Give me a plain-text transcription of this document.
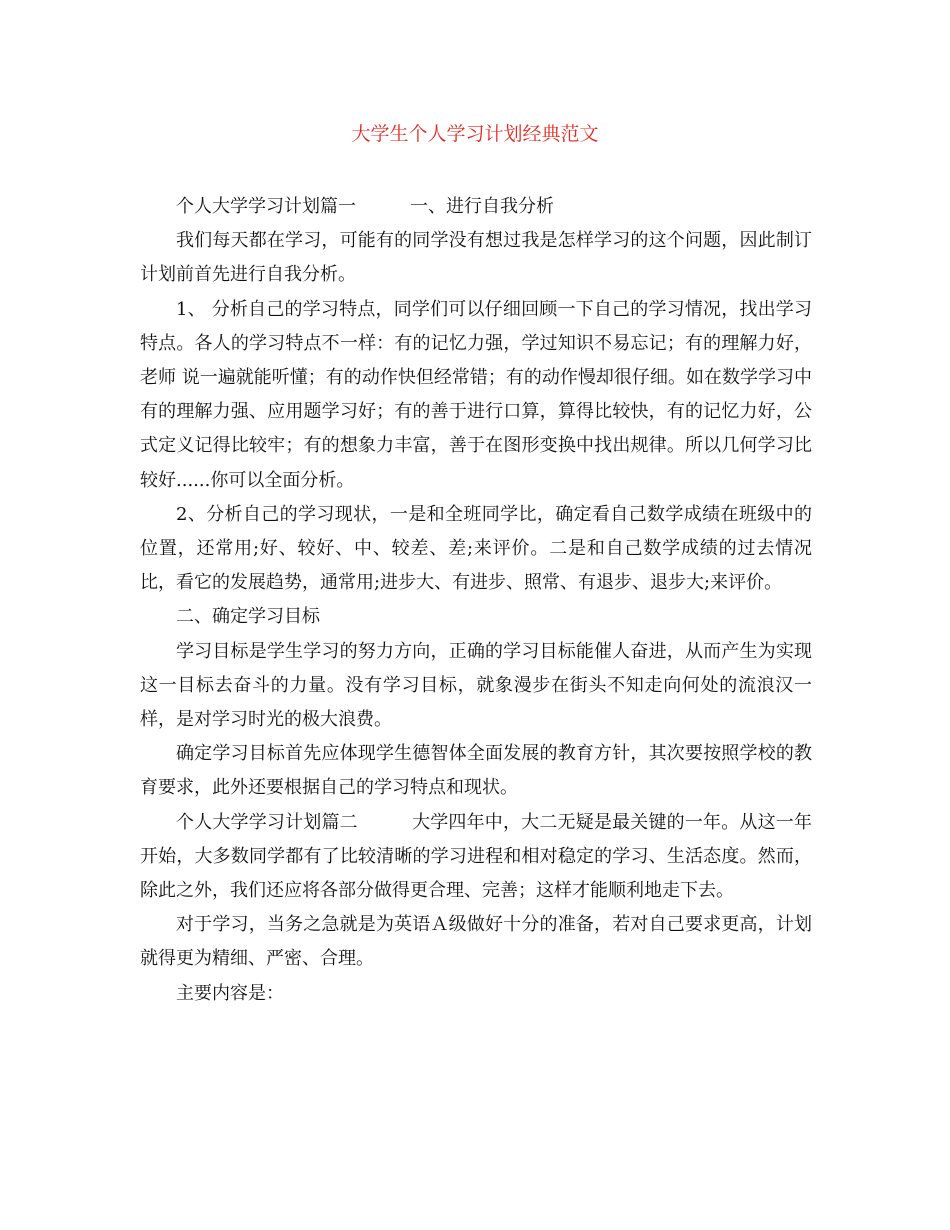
大学生个人学习计划经典范文

个人大学学习计划篇一	一、进行自我分析

我们每天都在学习，可能有的同学没有想过我是怎样学习的这个问题，因此制订计划前首先进行自我分析。

1、 分析自己的学习特点，同学们可以仔细回顾一下自己的学习情况，找出学习特点。各人的学习特点不一样：有的记忆力强，学过知识不易忘记；有的理解力好，老师 说一遍就能听懂；有的动作快但经常错；有的动作慢却很仔细。如在数学学习中有的理解力强、应用题学习好；有的善于进行口算，算得比较快，有的记忆力好，公 式定义记得比较牢；有的想象力丰富，善于在图形变换中找出规律。所以几何学习比较好......你可以全面分析。

2、分析自己的学习现状，一是和全班同学比，确定看自己数学成绩在班级中的位置，还常用;好、较好、中、较差、差;来评价。二是和自己数学成绩的过去情况比，看它的发展趋势，通常用;进步大、有进步、照常、有退步、退步大;来评价。

二、确定学习目标

学习目标是学生学习的努力方向，正确的学习目标能催人奋进，从而产生为实现这一目标去奋斗的力量。没有学习目标，就象漫步在街头不知走向何处的流浪汉一样，是对学习时光的极大浪费。

确定学习目标首先应体现学生德智体全面发展的教育方针，其次要按照学校的教育要求，此外还要根据自己的学习特点和现状。

个人大学学习计划篇二	大学四年中，大二无疑是最关键的一年。从这一年开始，大多数同学都有了比较清晰的学习进程和相对稳定的学习、生活态度。然而，除此之外，我们还应将各部分做得更合理、完善；这样才能顺利地走下去。

对于学习，当务之急就是为英语Ａ级做好十分的准备，若对自己要求更高，计划就得更为精细、严密、合理。

主要内容是：
